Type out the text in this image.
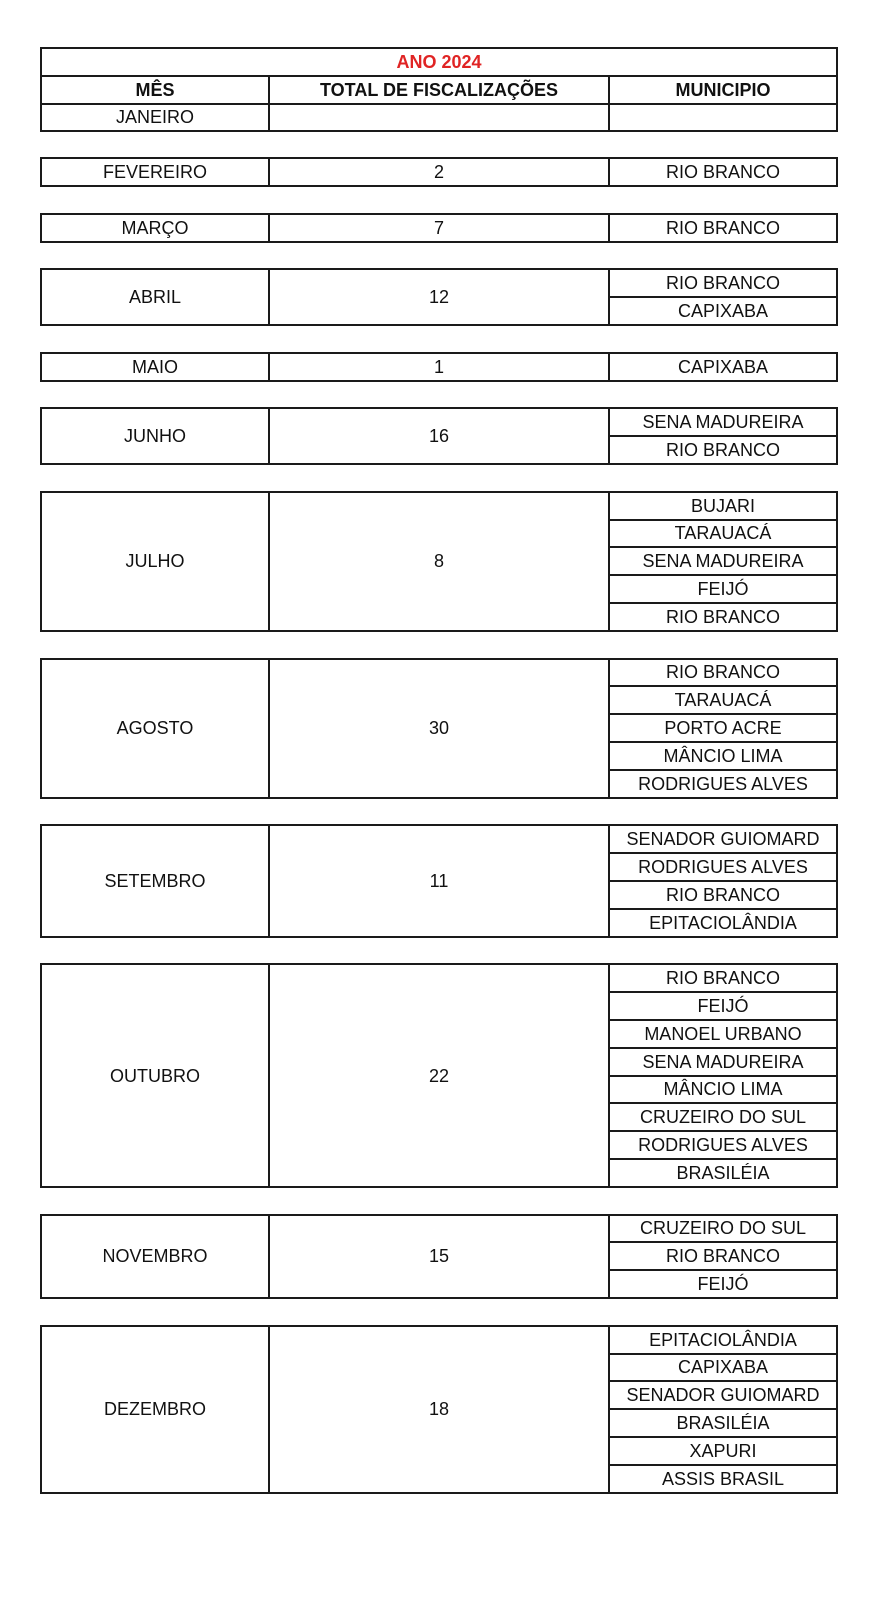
ANO 2024
MÊS	TOTAL DE FISCALIZAÇÕES	MUNICIPIO
JANEIRO
FEVEREIRO	2	RIO BRANCO
MARÇO	7	RIO BRANCO
ABRIL	12
RIO BRANCO
CAPIXABA
MAIO	1	CAPIXABA
JUNHO	16
SENA MADUREIRA
RIO BRANCO
JULHO	8
BUJARI
TARAUACÁ
SENA MADUREIRA
FEIJÓ
RIO BRANCO
AGOSTO	30
RIO BRANCO
TARAUACÁ
PORTO ACRE
MÂNCIO LIMA
RODRIGUES ALVES
SETEMBRO	11
SENADOR GUIOMARD
RODRIGUES ALVES
RIO BRANCO
EPITACIOLÂNDIA
OUTUBRO	22
RIO BRANCO
FEIJÓ
MANOEL URBANO
SENA MADUREIRA
MÂNCIO LIMA
CRUZEIRO DO SUL
RODRIGUES ALVES
BRASILÉIA
NOVEMBRO	15
CRUZEIRO DO SUL
RIO BRANCO
FEIJÓ
DEZEMBRO	18
EPITACIOLÂNDIA
CAPIXABA
SENADOR GUIOMARD
BRASILÉIA
XAPURI
ASSIS BRASIL
